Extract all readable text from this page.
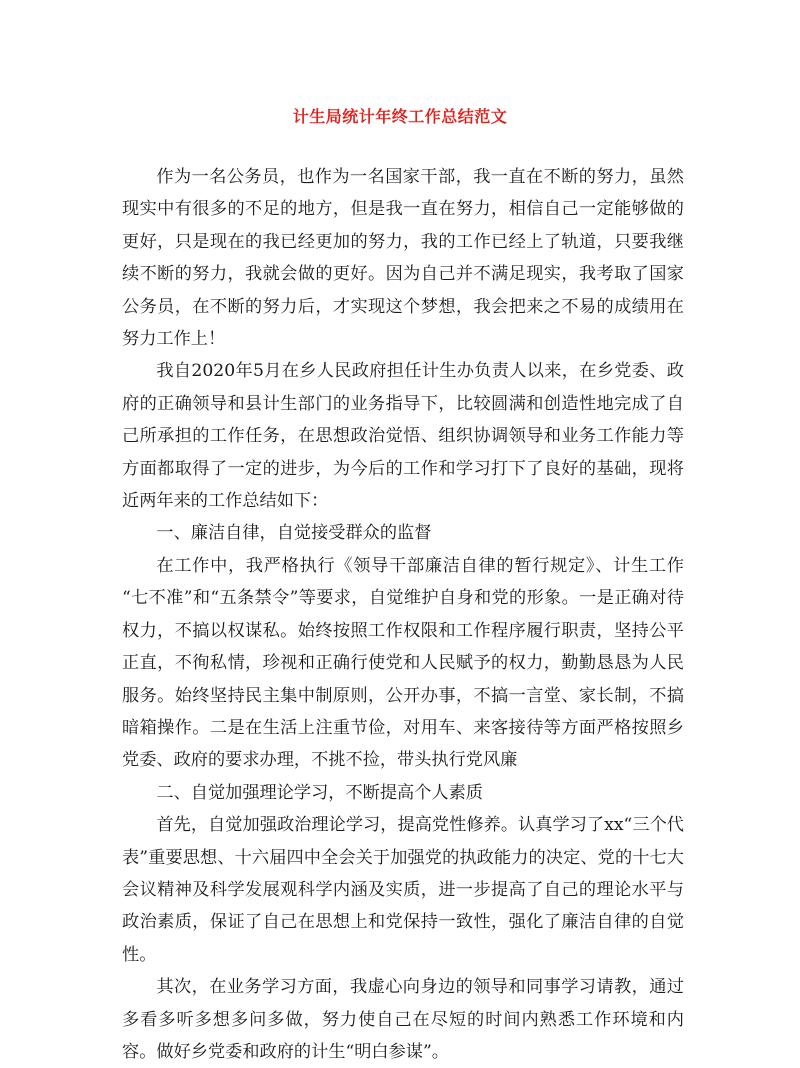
计生局统计年终工作总结范文

作为一名公务员，也作为一名国家干部，我一直在不断的努力，虽然现实中有很多的不足的地方，但是我一直在努力，相信自己一定能够做的更好，只是现在的我已经更加的努力，我的工作已经上了轨道，只要我继续不断的努力，我就会做的更好。因为自己并不满足现实，我考取了国家公务员，在不断的努力后，才实现这个梦想，我会把来之不易的成绩用在努力工作上！

我自2020年5月在乡人民政府担任计生办负责人以来，在乡党委、政府的正确领导和县计生部门的业务指导下，比较圆满和创造性地完成了自己所承担的工作任务，在思想政治觉悟、组织协调领导和业务工作能力等方面都取得了一定的进步，为今后的工作和学习打下了良好的基础，现将近两年来的工作总结如下：

一、廉洁自律，自觉接受群众的监督

在工作中，我严格执行《领导干部廉洁自律的暂行规定》、计生工作 “七不准”和“五条禁令”等要求，自觉维护自身和党的形象。一是正确对待权力，不搞以权谋私。始终按照工作权限和工作程序履行职责，坚持公平正直，不徇私情，珍视和正确行使党和人民赋予的权力，勤勤恳恳为人民服务。始终坚持民主集中制原则，公开办事，不搞一言堂、家长制，不搞暗箱操作。二是在生活上注重节俭，对用车、来客接待等方面严格按照乡党委、政府的要求办理，不挑不捡，带头执行党风廉

二、自觉加强理论学习，不断提高个人素质

首先，自觉加强政治理论学习，提高党性修养。认真学习了xx“三个代表”重要思想、十六届四中全会关于加强党的执政能力的决定、党的十七大会议精神及科学发展观科学内涵及实质，进一步提高了自己的理论水平与政治素质，保证了自己在思想上和党保持一致性，强化了廉洁自律的自觉性。

其次，在业务学习方面，我虚心向身边的领导和同事学习请教，通过多看多听多想多问多做，努力使自己在尽短的时间内熟悉工作环境和内容。做好乡党委和政府的计生“明白参谋”。
